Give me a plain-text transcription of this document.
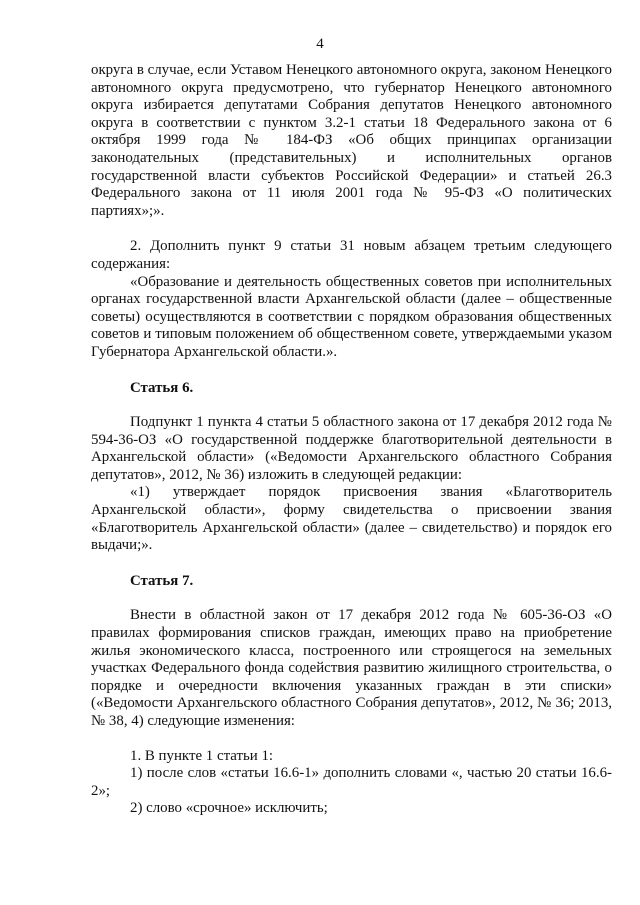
4

округа в случае, если Уставом Ненецкого автономного округа, законом Ненецкого автономного округа предусмотрено, что губернатор Ненецкого автономного округа избирается депутатами Собрания депутатов Ненецкого автономного округа в соответствии с пунктом 3.2-1 статьи 18 Федерального закона от 6 октября 1999 года № 184-ФЗ «Об общих принципах организации законодательных (представительных) и исполнительных органов государственной власти субъектов Российской Федерации» и статьей 26.3 Федерального закона от 11 июля 2001 года № 95-ФЗ «О политических партиях»;».

2. Дополнить пункт 9 статьи 31 новым абзацем третьим следующего содержания:

«Образование и деятельность общественных советов при исполнительных органах государственной власти Архангельской области (далее – общественные советы) осуществляются в соответствии с порядком образования общественных советов и типовым положением об общественном совете, утверждаемыми указом Губернатора Архангельской области.».

Статья 6.

Подпункт 1 пункта 4 статьи 5 областного закона от 17 декабря 2012 года № 594-36-ОЗ «О государственной поддержке благотворительной деятельности в Архангельской области» («Ведомости Архангельского областного Собрания депутатов», 2012, № 36) изложить в следующей редакции:

«1) утверждает порядок присвоения звания «Благотворитель Архангельской области», форму свидетельства о присвоении звания «Благотворитель Архангельской области» (далее – свидетельство) и порядок его выдачи;».

Статья 7.

Внести в областной закон от 17 декабря 2012 года № 605-36-ОЗ «О правилах формирования списков граждан, имеющих право на приобретение жилья экономического класса, построенного или строящегося на земельных участках Федерального фонда содействия развитию жилищного строительства, о порядке и очередности включения указанных граждан в эти списки» («Ведомости Архангельского областного Собрания депутатов», 2012, № 36; 2013, № 38, 4) следующие изменения:

1. В пункте 1 статьи 1:

1) после слов «статьи 16.6-1» дополнить словами «, частью 20 статьи 16.6-2»;

2) слово «срочное» исключить;
